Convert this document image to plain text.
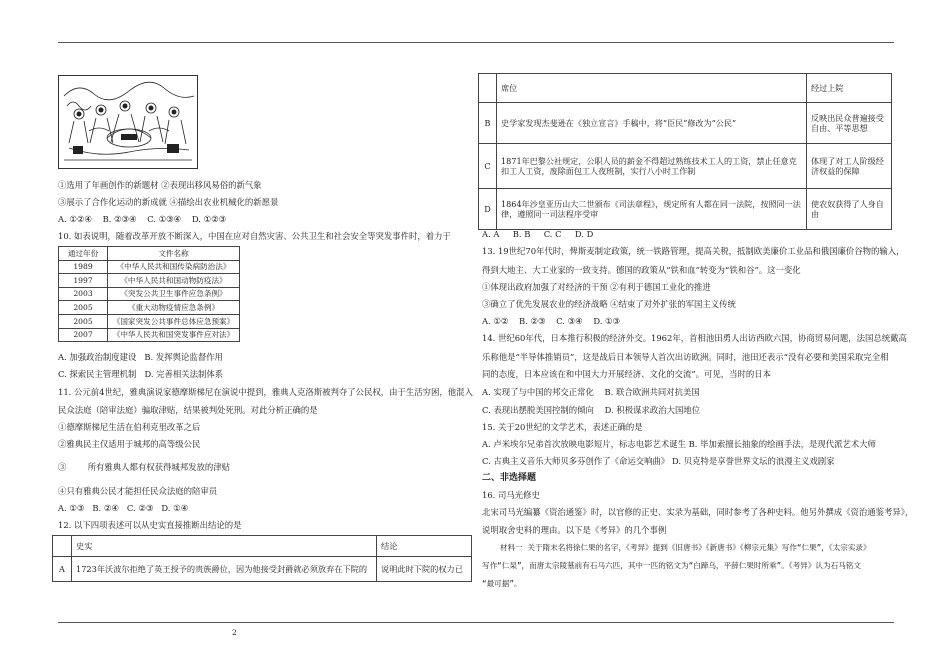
①选用了年画创作的新题材 ②表现出移风易俗的新气象
③展示了合作化运动的新成就 ④描绘出农业机械化的新愿景
A. ①②④ B. ②③④ C. ①③④ D. ①②③
10. 如表说明，随着改革开放不断深入，中国在应对自然灾害、公共卫生和社会安全等突发事件时，着力于
通过年份	文件名称
1989	《中华人民共和国传染病防治法》
1997	《中华人民共和国动物防疫法》
2003	《突发公共卫生事件应急条例》
2005	《重大动物疫情应急条例》
2005	《国家突发公共事件总体应急预案》
2007	《中华人民共和国突发事件应对法》
A. 加强政治制度建设 B. 发挥舆论监督作用
C. 探索民主管理机制 D. 完善相关法制体系
11. 公元前4世纪，雅典演说家德摩斯梯尼在演说中提到，雅典人克洛斯被判夺了公民权，由于生活穷困，他混入
民众法庭（陪审法庭）骗取津贴，结果被判处死刑。对此分析正确的是
①德摩斯梯尼生活在伯利克里改革之后
②雅典民主仅适用于城邦的高等级公民
③	所有雅典人都有权获得城邦发放的津贴
④只有雅典公民才能担任民众法庭的陪审员
A. ①③ B. ②④ C. ②③ D. ①④
12. 以下四项表述可以从史实直接推断出结论的是
	史实	结论
A	1723年沃波尔拒绝了英王授予的贵族爵位，因为他接受封爵就必须放弃在下院的	说明此时下院的权力已
2
	席位	经过上院
B	史学家发现杰斐逊在《独立宣言》手稿中，将“臣民”修改为“公民”	反映出民众普遍接受自由、平等思想
C	1871年巴黎公社规定，公职人员的薪金不得超过熟练技术工人的工资，禁止任意克扣工人工资，废除面包工人夜班制，实行八小时工作制	体现了对工人阶级经济权益的保障
D	1864年沙皇亚历山大二世颁布《司法章程》，规定所有人都在同一法院，按照同一法律，遵照同一司法程序受审	使农奴获得了人身自由
A. A B. B C. C D. D
13. 19世纪70年代时，俾斯麦制定政策，统一铁路管理，提高关税，抵制欧美廉价工业品和俄国廉价谷物的输入，
得到大地主、大工业家的一致支持。德国的政策从“铁和血”转变为“铁和谷”。这一变化
①体现出政府加强了对经济的干预 ②有利于德国工业化的推进
③确立了优先发展农业的经济战略 ④结束了对外扩张的军国主义传统
A. ①② B. ②③ C. ③④ D. ①③
14. 世纪60年代，日本推行积极的经济外交。1962年，首相池田勇人出访西欧六国，协商贸易问题，法国总统戴高
乐称他是“半导体推销员”，这是战后日本领导人首次出访欧洲。同时，池田还表示“没有必要和美国采取完全相
同的态度，日本应该在和中国大力开展经济、文化的交流”。可见，当时的日本
A. 实现了与中国的邦交正常化 B. 联合欧洲共同对抗美国
C. 表现出摆脱美国控制的倾向 D. 积极谋求政治大国地位
15. 关于20世纪的文学艺术，表述正确的是
A. 卢米埃尔兄弟首次放映电影短片，标志电影艺术诞生 B. 毕加索擅长抽象的绘画手法，是现代派艺术大师
C. 古典主义音乐大师贝多芬创作了《命运交响曲》 D. 贝克特是享誉世界文坛的浪漫主义戏剧家
二、非选择题
16. 司马光修史
北宋司马光编纂《资治通鉴》时，以官修的正史、实录为基础，同时参考了各种史料。他另外撰成《资治通鉴考异》，
说明取舍史料的理由。以下是《考异》的几个事例
材料一 关于隋末名将徐仁果的名字，《考异》提到《旧唐书》《新唐书》《柳宗元集》写作“仁果”，《太宗实录》
写作“仁杲”，而唐太宗陵墓前有石马六匹，其中一匹的铭文为“白蹄乌，平薛仁果时所乘”。《考异》认为石马铭文
“最可据”。
